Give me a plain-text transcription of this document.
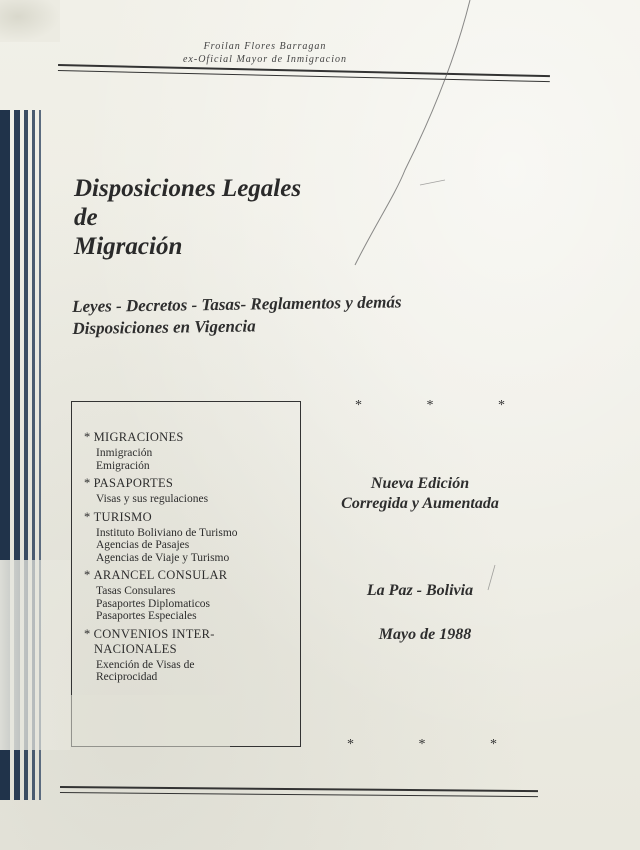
Froilan Flores Barragan
ex-Oficial Mayor de Inmigracion
Disposiciones Legales
de
Migración
Leyes - Decretos - Tasas- Reglamentos y demás
Disposiciones en Vigencia
* MIGRACIONES
Inmigración
Emigración
* PASAPORTES
Visas y sus regulaciones
* TURISMO
Instituto Boliviano de Turismo
Agencias de Pasajes
Agencias de Viaje y Turismo
* ARANCEL CONSULAR
Tasas Consulares
Pasaportes Diplomaticos
Pasaportes Especiales
* CONVENIOS INTER-
NACIONALES
Exención de Visas de
Reciprocidad
*	*	*
Nueva Edición
Corregida y Aumentada
La Paz - Bolivia
Mayo de 1988
*	*	*
